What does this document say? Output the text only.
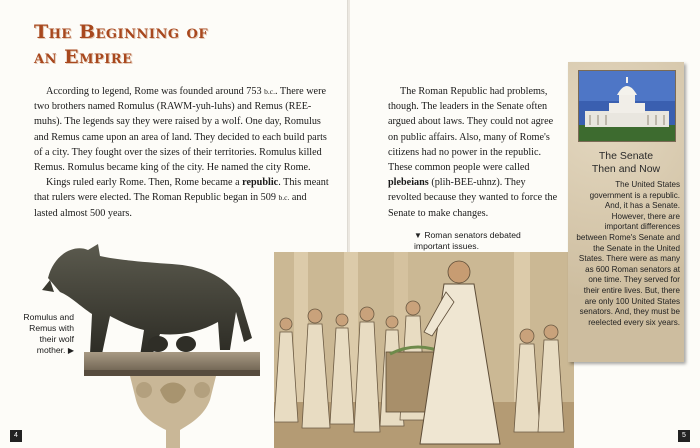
The Beginning of
an Empire

According to legend, Rome was founded around 753 b.c.. There were two brothers named Romulus (RAWM-yuh-luhs) and Remus (REE-muhs). The legends say they were raised by a wolf. One day, Romulus and Remus came upon an area of land. They decided to each build parts of a city. They fought over the sizes of their territories. Romulus killed Remus. Romulus became king of the city. He named the city Rome.

Kings ruled early Rome. Then, Rome became a republic. This meant that rulers were elected. The Roman Republic began in 509 b.c. and lasted almost 500 years.

Romulus and Remus with their wolf mother. ▶
4	5

The Roman Republic had problems, though. The leaders in the Senate often argued about laws. They could not agree on public affairs. Also, many of Rome's citizens had no power in the republic. These common people were called plebeians (plih-BEE-uhnz). They revolted because they wanted to force the Senate to make changes.

▼ Roman senators debated important issues.
The Senate
Then and Now
The United States government is a republic. And, it has a Senate. However, there are important differences between Rome's Senate and the Senate in the United States. There were as many as 600 Roman senators at one time. They served for their entire lives. But, there are only 100 United States senators. And, they must be reelected every six years.
